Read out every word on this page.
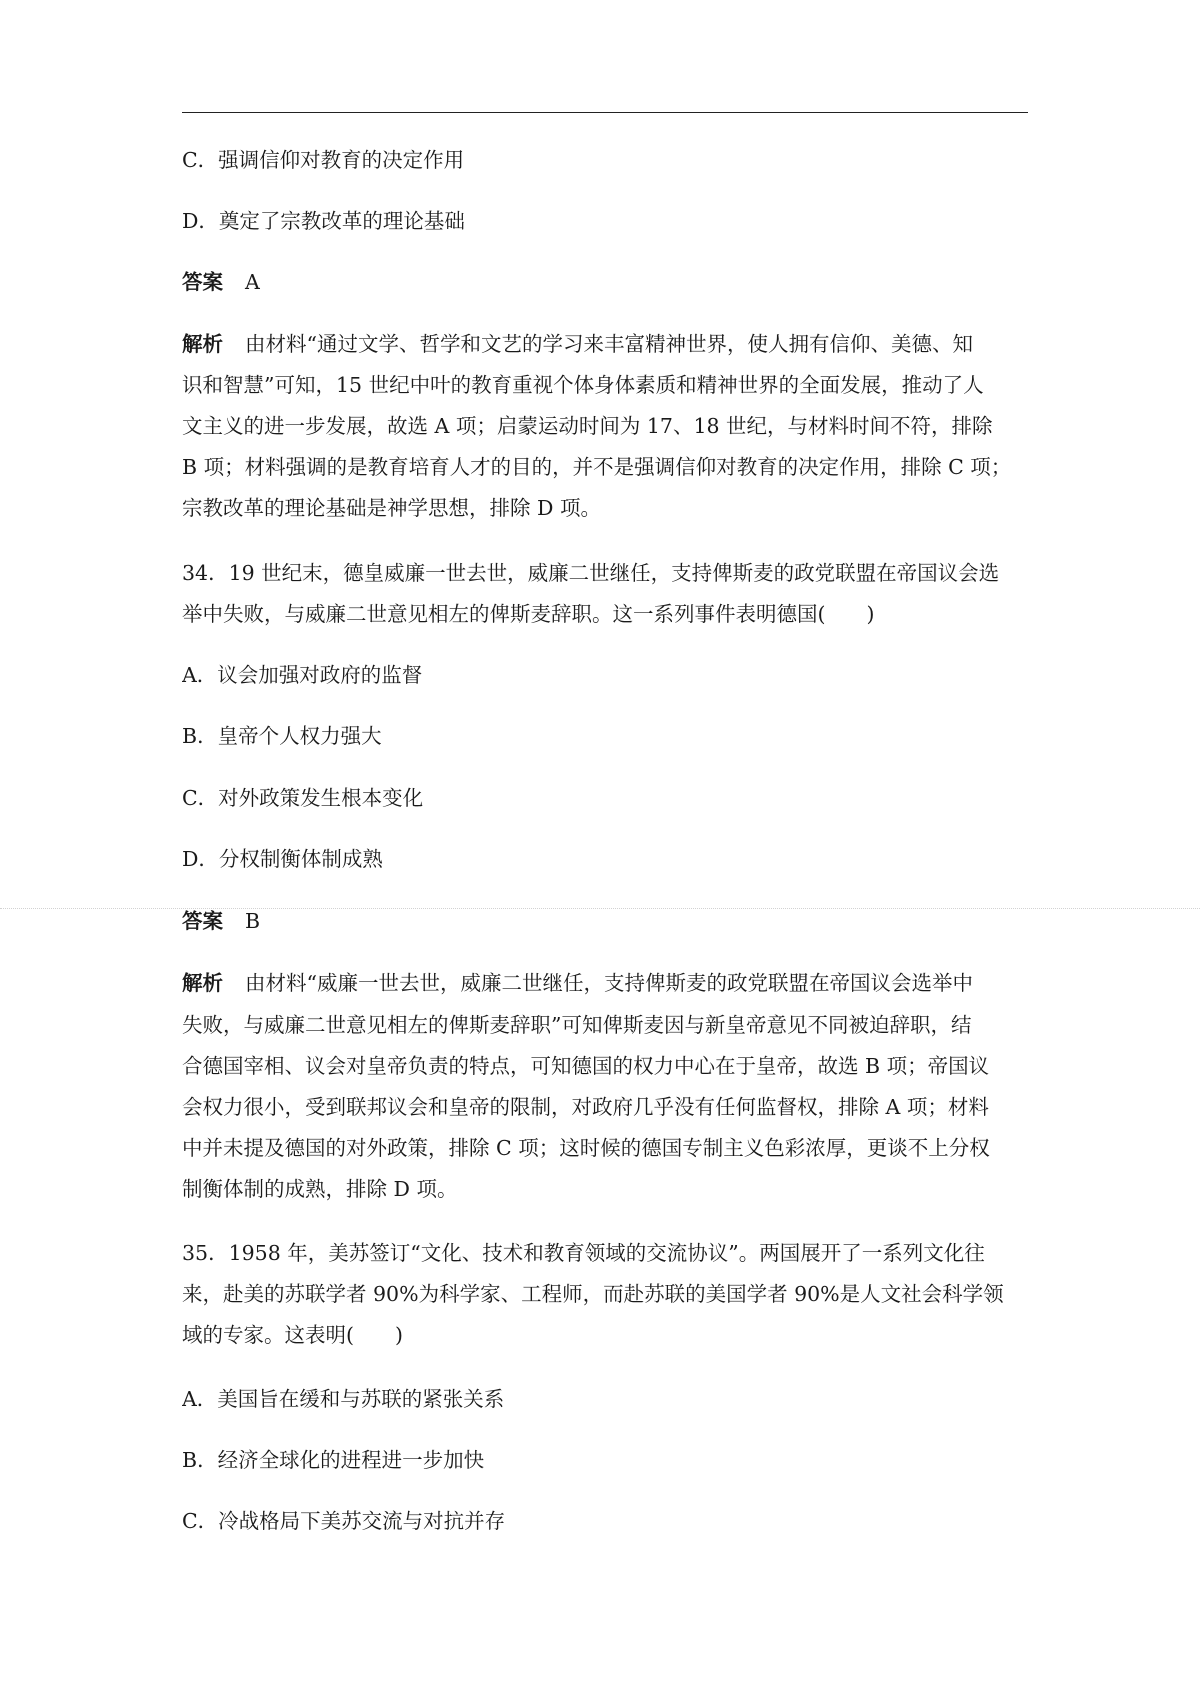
C．强调信仰对教育的决定作用
D．奠定了宗教改革的理论基础
答案 A
解析 由材料“通过文学、哲学和文艺的学习来丰富精神世界，使人拥有信仰、美德、知
识和智慧”可知，15 世纪中叶的教育重视个体身体素质和精神世界的全面发展，推动了人
文主义的进一步发展，故选 A 项；启蒙运动时间为 17、18 世纪，与材料时间不符，排除
B 项；材料强调的是教育培育人才的目的，并不是强调信仰对教育的决定作用，排除 C 项；
宗教改革的理论基础是神学思想，排除 D 项。
34．19 世纪末，德皇威廉一世去世，威廉二世继任，支持俾斯麦的政党联盟在帝国议会选
举中失败，与威廉二世意见相左的俾斯麦辞职。这一系列事件表明德国(　　)
A．议会加强对政府的监督
B．皇帝个人权力强大
C．对外政策发生根本变化
D．分权制衡体制成熟
答案 B
解析 由材料“威廉一世去世，威廉二世继任，支持俾斯麦的政党联盟在帝国议会选举中
失败，与威廉二世意见相左的俾斯麦辞职”可知俾斯麦因与新皇帝意见不同被迫辞职，结
合德国宰相、议会对皇帝负责的特点，可知德国的权力中心在于皇帝，故选 B 项；帝国议
会权力很小，受到联邦议会和皇帝的限制，对政府几乎没有任何监督权，排除 A 项；材料
中并未提及德国的对外政策，排除 C 项；这时候的德国专制主义色彩浓厚，更谈不上分权
制衡体制的成熟，排除 D 项。
35．1958 年，美苏签订“文化、技术和教育领域的交流协议”。两国展开了一系列文化往
来，赴美的苏联学者 90%为科学家、工程师，而赴苏联的美国学者 90%是人文社会科学领
域的专家。这表明(　　)
A．美国旨在缓和与苏联的紧张关系
B．经济全球化的进程进一步加快
C．冷战格局下美苏交流与对抗并存
